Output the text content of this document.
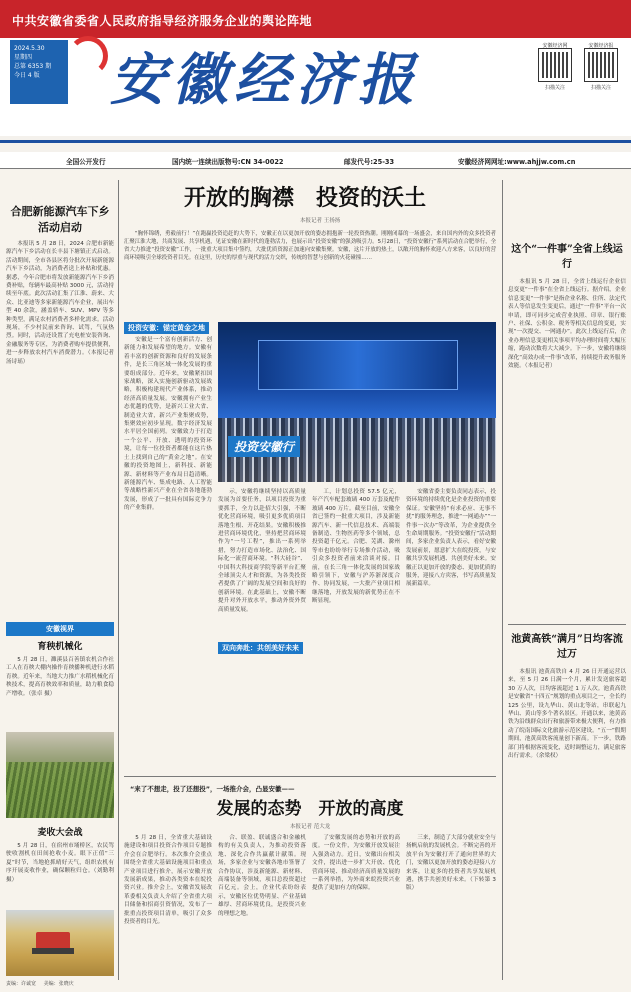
中共安徽省委省人民政府指导经济服务企业的舆论阵地
2024.5.30
星期四
总第 6353 期
今日 4 版	安徽经济报
安徽经济网
扫描关注
安徽经济报
扫描关注
全国公开发行	国内统一连续出版物号:CN 34-0022	邮发代号:25-33	安徽经济网网址:www.ahjjw.com.cn
开放的胸襟　投资的沃土
本报记者 王扬扬

“胸怀锦绣，勇毅前行！”在跑赢投资追赶的大势下，安徽正在以更加开放的姿态拥抱新一轮投资热潮。刚刚闭幕的一场盛会，来自国内外的众多投资者汇聚江淮大地，共商发展、共享机遇，见证安徽在新时代的蓬勃活力，也展示出“投资安徽”的强劲吸引力。5月28日，“投资安徽行”系列活动在合肥举行，全省大力推进“投资安徽”工作，一批重大项目集中签约，大批优质资源正加速向安徽集聚。安徽，这片开放的热土，以敞开的胸怀欢迎八方来客，以良好的营商环境吸引全球投资者目光。在这里，历史的厚重与现代的活力交织，传统的智慧与创新的火花碰撞……

合肥新能源汽车下乡活动启动

本报讯 5 月 28 日，2024 合肥市新能源汽车下乡活动在长丰县下塘镇正式启动。活动期间，全市各县区将分批次开展新能源汽车下乡活动，为消费者送上补贴和优惠。据悉，今年合肥市将发放新能源汽车下乡消费补贴，每辆车最高补贴 3000 元，活动持续至年底。此次活动汇集了江淮、蔚来、大众、比亚迪等多家新能源汽车企业，展出车型 40 余款，涵盖轿车、SUV、MPV 等多种类型，满足农村消费者多样化需求。活动现场，不少村民前来咨询、试驾，气氛热烈。同时，活动还设置了充电桩安装咨询、金融服务等专区，为消费者购车提供便利，进一步释放农村汽车消费潜力。（本报记者 汤诗瑶）

安徽视界
育秧机械化

5 月 28 日，濉溪县百善镇农机合作社工人在育秧大棚内操作育秧播种机进行水稻育秧。近年来，当地大力推广水稻机械化育秧技术，提高育秧效率和质量，助力粮食稳产增收。（张卓 摄）

麦收大会战

5 月 28 日，在宿州市埇桥区，农民驾驶收割机在田间抢收小麦。眼下正值“三夏”时节，当地抢抓晴好天气，组织农机有序开展麦收作业，确保颗粒归仓。（刘勤利 摄）

责编：许诚宽 美编：张晓庆
投资安徽：锚定黄金之地

安徽是一个富有创新活力、创新能力和发展希望的地方。安徽有着丰富的创新资源和良好的发展条件，是长三角区域一体化发展的重要组成部分。近年来，安徽紧扣国家战略，深入实施创新驱动发展战略，积极构建现代产业体系，推动经济高质量发展。安徽拥有产业生态优越的优势，是新兴工业大省、制造业大省，新兴产业集聚成势，集聚效应初步显现。数字经济发展水平居全国前列。安徽致力于打造一个公平、开放、透明的投资环境，让每一位投资者都能在这片热土上找到自己的“黄金之地”。在安徽的投资地图上，新科技、新能源、新材料等产业布局日趋清晰。新能源汽车、集成电路、人工智能等战略性新兴产业在全省各地蓬勃发展，形成了一批具有国际竞争力的产业集群。

投资安徽行

示，安徽将继续坚持以高质量发展为首要任务，以项目投资为重要抓手，全力以赴招大引强，不断优化营商环境，吸引更多优质项目落地生根、开花结果。安徽积极推进营商环境优化，坚持把营商环境作为“一号工程”，推出一系列举措，努力打造市场化、法治化、国际化一流营商环境。“科大硅谷”、中国科大科技商学院等新平台汇聚全球顶尖人才和资源，为各类投资者提供了广阔的发展空间和良好的创新环境。在此基础上，安徽不断提升对外开放水平，推动外资外贸高质量发展。

双向奔赴：共创美好未来

工，计划总投资 57.5 亿元，年产汽车配套玻璃 400 万套及配件玻璃 400 万片。截至目前，安徽全省已签约一批重大项目，涉及新能源汽车、新一代信息技术、高端装备制造、生物医药等多个领域，总投资超千亿元。合肥、芜湖、滁州等市也纷纷举行专场推介活动，吸引众多投资者前来洽谈对接。目前，在长三角一体化发展的国家战略引领下，安徽与沪苏浙深度合作、协同发展，一大批产业项目相继落地，开放发展的新优势正在不断显现。

安徽省委主要负责同志表示，投资环境的持续优化是企业投资的重要保证。安徽坚持“有求必应、无事不扰”的服务理念，推进“一网通办”“一件事一次办”等改革，为企业提供全生命周期服务。“投资安徽行”活动期间，多家企业负责人表示，看好安徽发展前景，愿意扩大在皖投资，与安徽共享发展机遇、共创美好未来。安徽正以更加开放的姿态、更加优质的服务，迎接八方宾客，书写高质量发展新篇章。

“来了不想走，投了还想投”，一场推介会，凸显安徽——
发展的态势　开放的高度
本报记者 范大龙

5 月 28 日，全省重大基础设施建设和项目投资合作项目专题推介会在合肥举行。本次推介会重点围绕全省重大基础设施项目和重点产业项目进行推介，展示安徽开放发展新成果，推动各类资本在皖投资兴业。推介会上，安徽省发展改革委相关负责人介绍了全省重大项目储备和招商引资情况，发布了一批重点投资项目清单，吸引了众多投资者的目光。

合、联盈、联诚盛合和金融机构的有关负责人，为推动投资落地、深化合作共赢献计献策。现场，多家企业与安徽各地市签署了合作协议，涉及新能源、新材料、高端装备等领域，项目总投资超过百亿元。会上，企业代表纷纷表示，安徽区位优势明显、产业基础雄厚、营商环境优良，是投资兴业的理想之地。

了安徽发展的态势和开放的高度。一份文件，为安徽开放发展注入强劲动力。近日，安徽出台相关文件，提出进一步扩大开放、优化营商环境、推动经济高质量发展的一系列举措，为外商来皖投资兴业提供了更加有力的保障。

三来，制造了大部分就业安全与扬帆启航的发展机会。不断完善的开放平台为安徽打开了通向世界的大门，安徽以更加开放的姿态迎接八方来客，让更多的投资者共享发展机遇，携手共创美好未来。（下转第 3 版）

这个“一件事”全省上线运行

本报讯 5 月 28 日，全省上线运行企业信息变更“一件事”在全省上线运行。据介绍，企业信息变更“一件事”是指企业名称、住所、法定代表人等信息发生变更后，通过“一件事”平台一次申请，即可同步完成营业执照、印章、银行账户、社保、公积金、税务等相关信息的变更，实现“一次提交、一网通办”。此次上线运行后，企业办理信息变更相关事项平均办理时间将大幅压缩，跑动次数将大大减少。下一步，安徽将继续深化“高效办成一件事”改革，持续提升政务服务效能。（本报记者）

池黄高铁“满月”日均客流过万

本报讯 池黄高铁自 4 月 26 日开通运营以来，至 5 月 26 日满一个月，累计发送旅客超 30 万人次，日均客流超过 1 万人次。池黄高铁是安徽省“十四五”规划的重点项目之一，全长约 125 公里，设九华山、黄山北等站，串联起九华山、黄山等多个著名景区。开通以来，池黄高铁为沿线群众出行和旅游带来极大便利，有力推动了皖南国际文化旅游示范区建设。“五一”假期期间，池黄高铁客流量创下新高。下一步，铁路部门将根据客流变化，适时调整运力，满足旅客出行需求。（余梁权）
